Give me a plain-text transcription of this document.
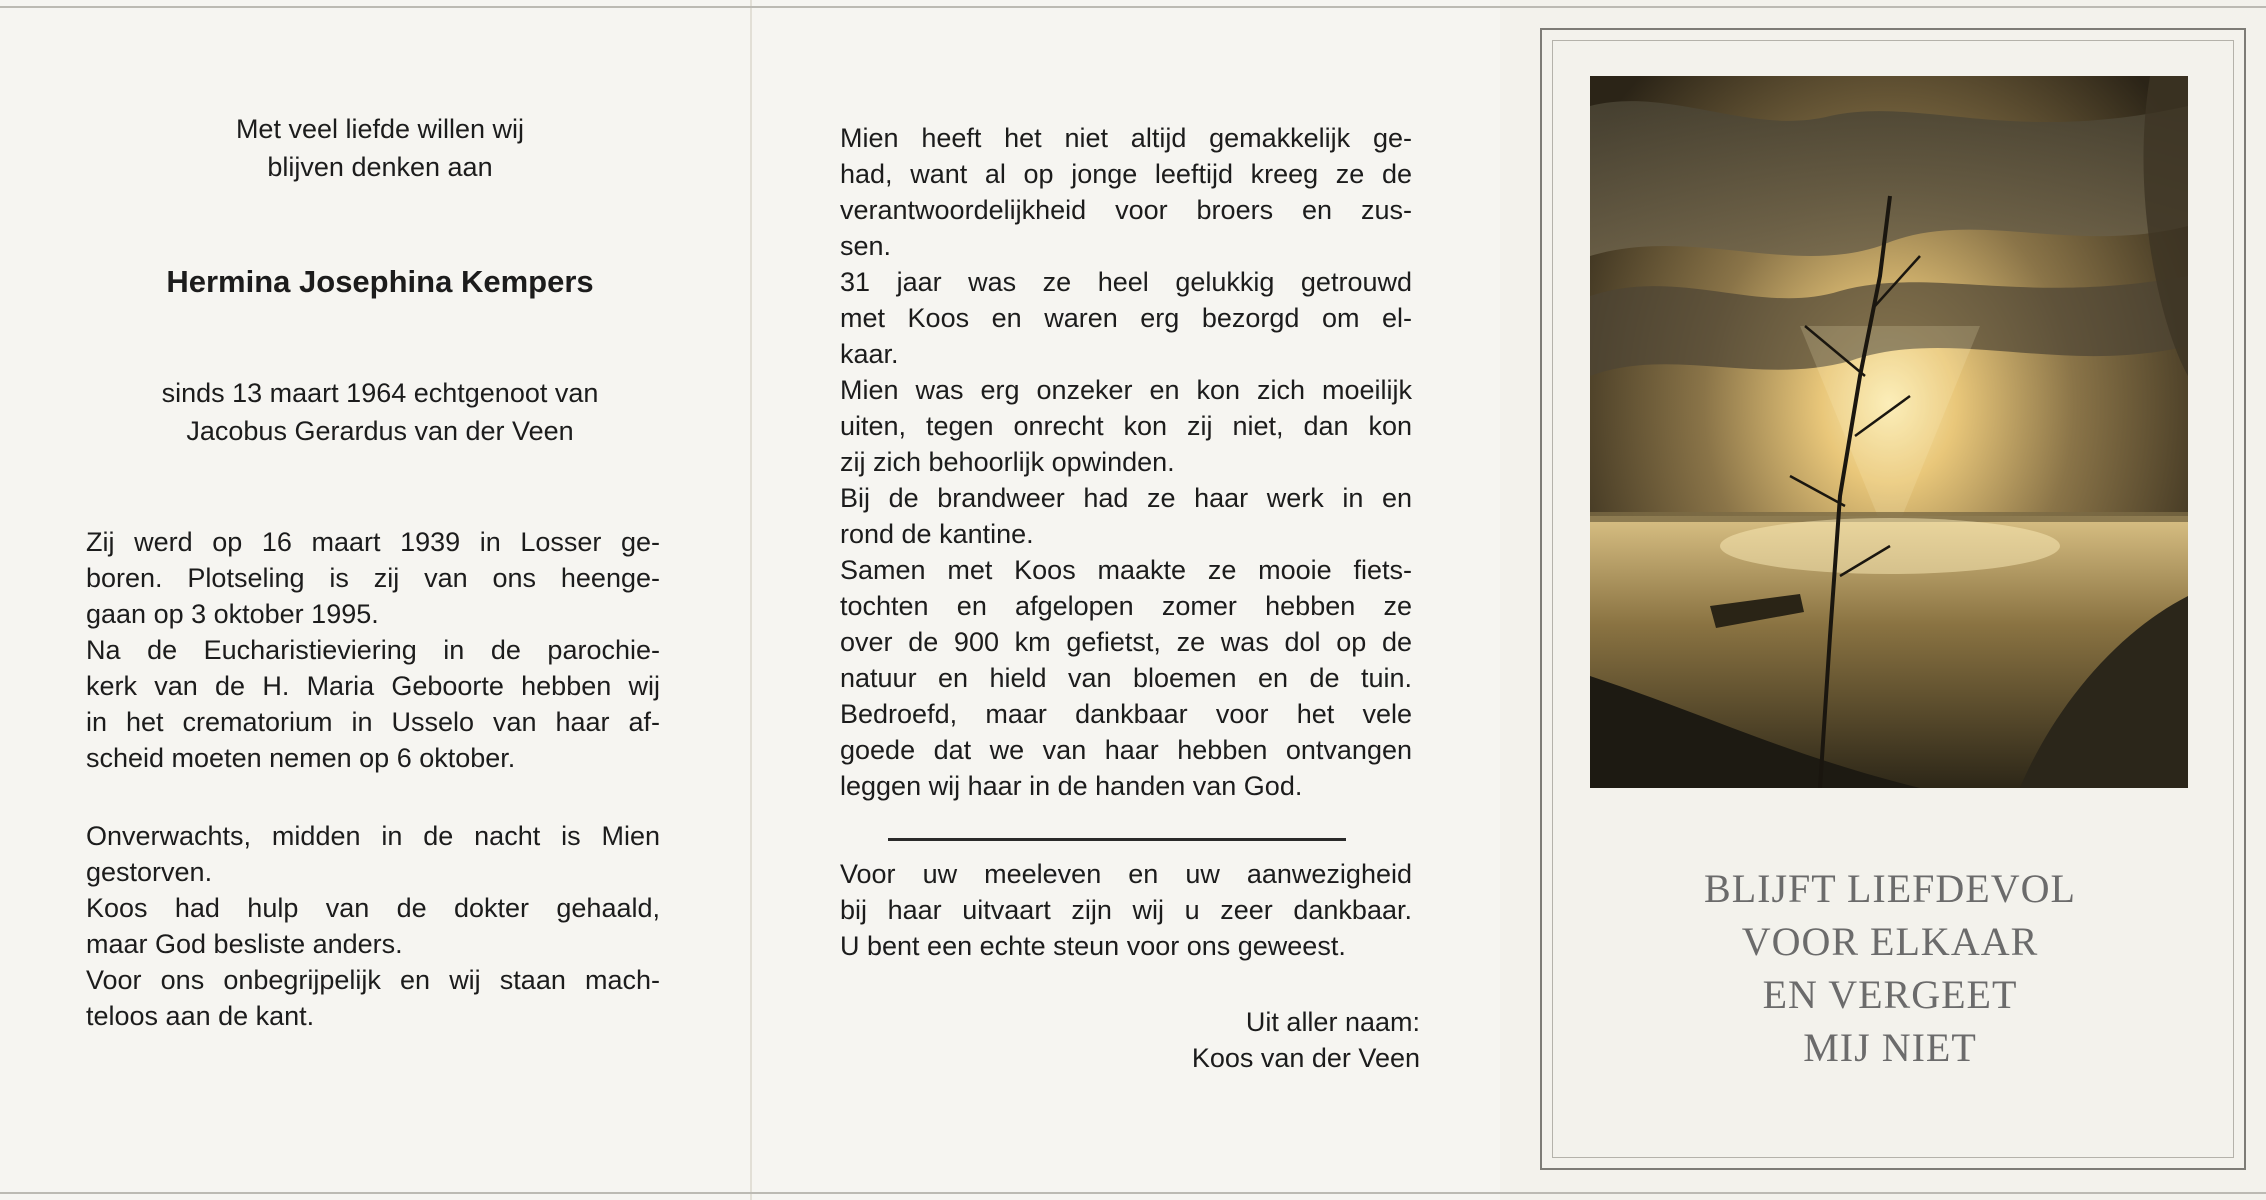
Met veel liefde willen wij
blijven denken aan
Hermina Josephina Kempers
sinds 13 maart 1964 echtgenoot van
Jacobus Gerardus van der Veen
Zij werd op 16 maart 1939 in Losser ge-
boren. Plotseling is zij van ons heenge-
gaan op 3 oktober 1995.
Na de Eucharistieviering in de parochie-
kerk van de H. Maria Geboorte hebben wij
in het crematorium in Usselo van haar af-
scheid moeten nemen op 6 oktober.
Onverwachts, midden in de nacht is Mien
gestorven.
Koos had hulp van de dokter gehaald,
maar God besliste anders.
Voor ons onbegrijpelijk en wij staan mach-
teloos aan de kant.
Mien heeft het niet altijd gemakkelijk ge-
had, want al op jonge leeftijd kreeg ze de
verantwoordelijkheid voor broers en zus-
sen.
31 jaar was ze heel gelukkig getrouwd
met Koos en waren erg bezorgd om el-
kaar.
Mien was erg onzeker en kon zich moeilijk
uiten, tegen onrecht kon zij niet, dan kon
zij zich behoorlijk opwinden.
Bij de brandweer had ze haar werk in en
rond de kantine.
Samen met Koos maakte ze mooie fiets-
tochten en afgelopen zomer hebben ze
over de 900 km gefietst, ze was dol op de
natuur en hield van bloemen en de tuin.
Bedroefd, maar dankbaar voor het vele
goede dat we van haar hebben ontvangen
leggen wij haar in de handen van God.
Voor uw meeleven en uw aanwezigheid
bij haar uitvaart zijn wij u zeer dankbaar.
U bent een echte steun voor ons geweest.
Uit aller naam:
Koos van der Veen
BLIJFT LIEFDEVOL
VOOR ELKAAR
EN VERGEET
MIJ NIET
